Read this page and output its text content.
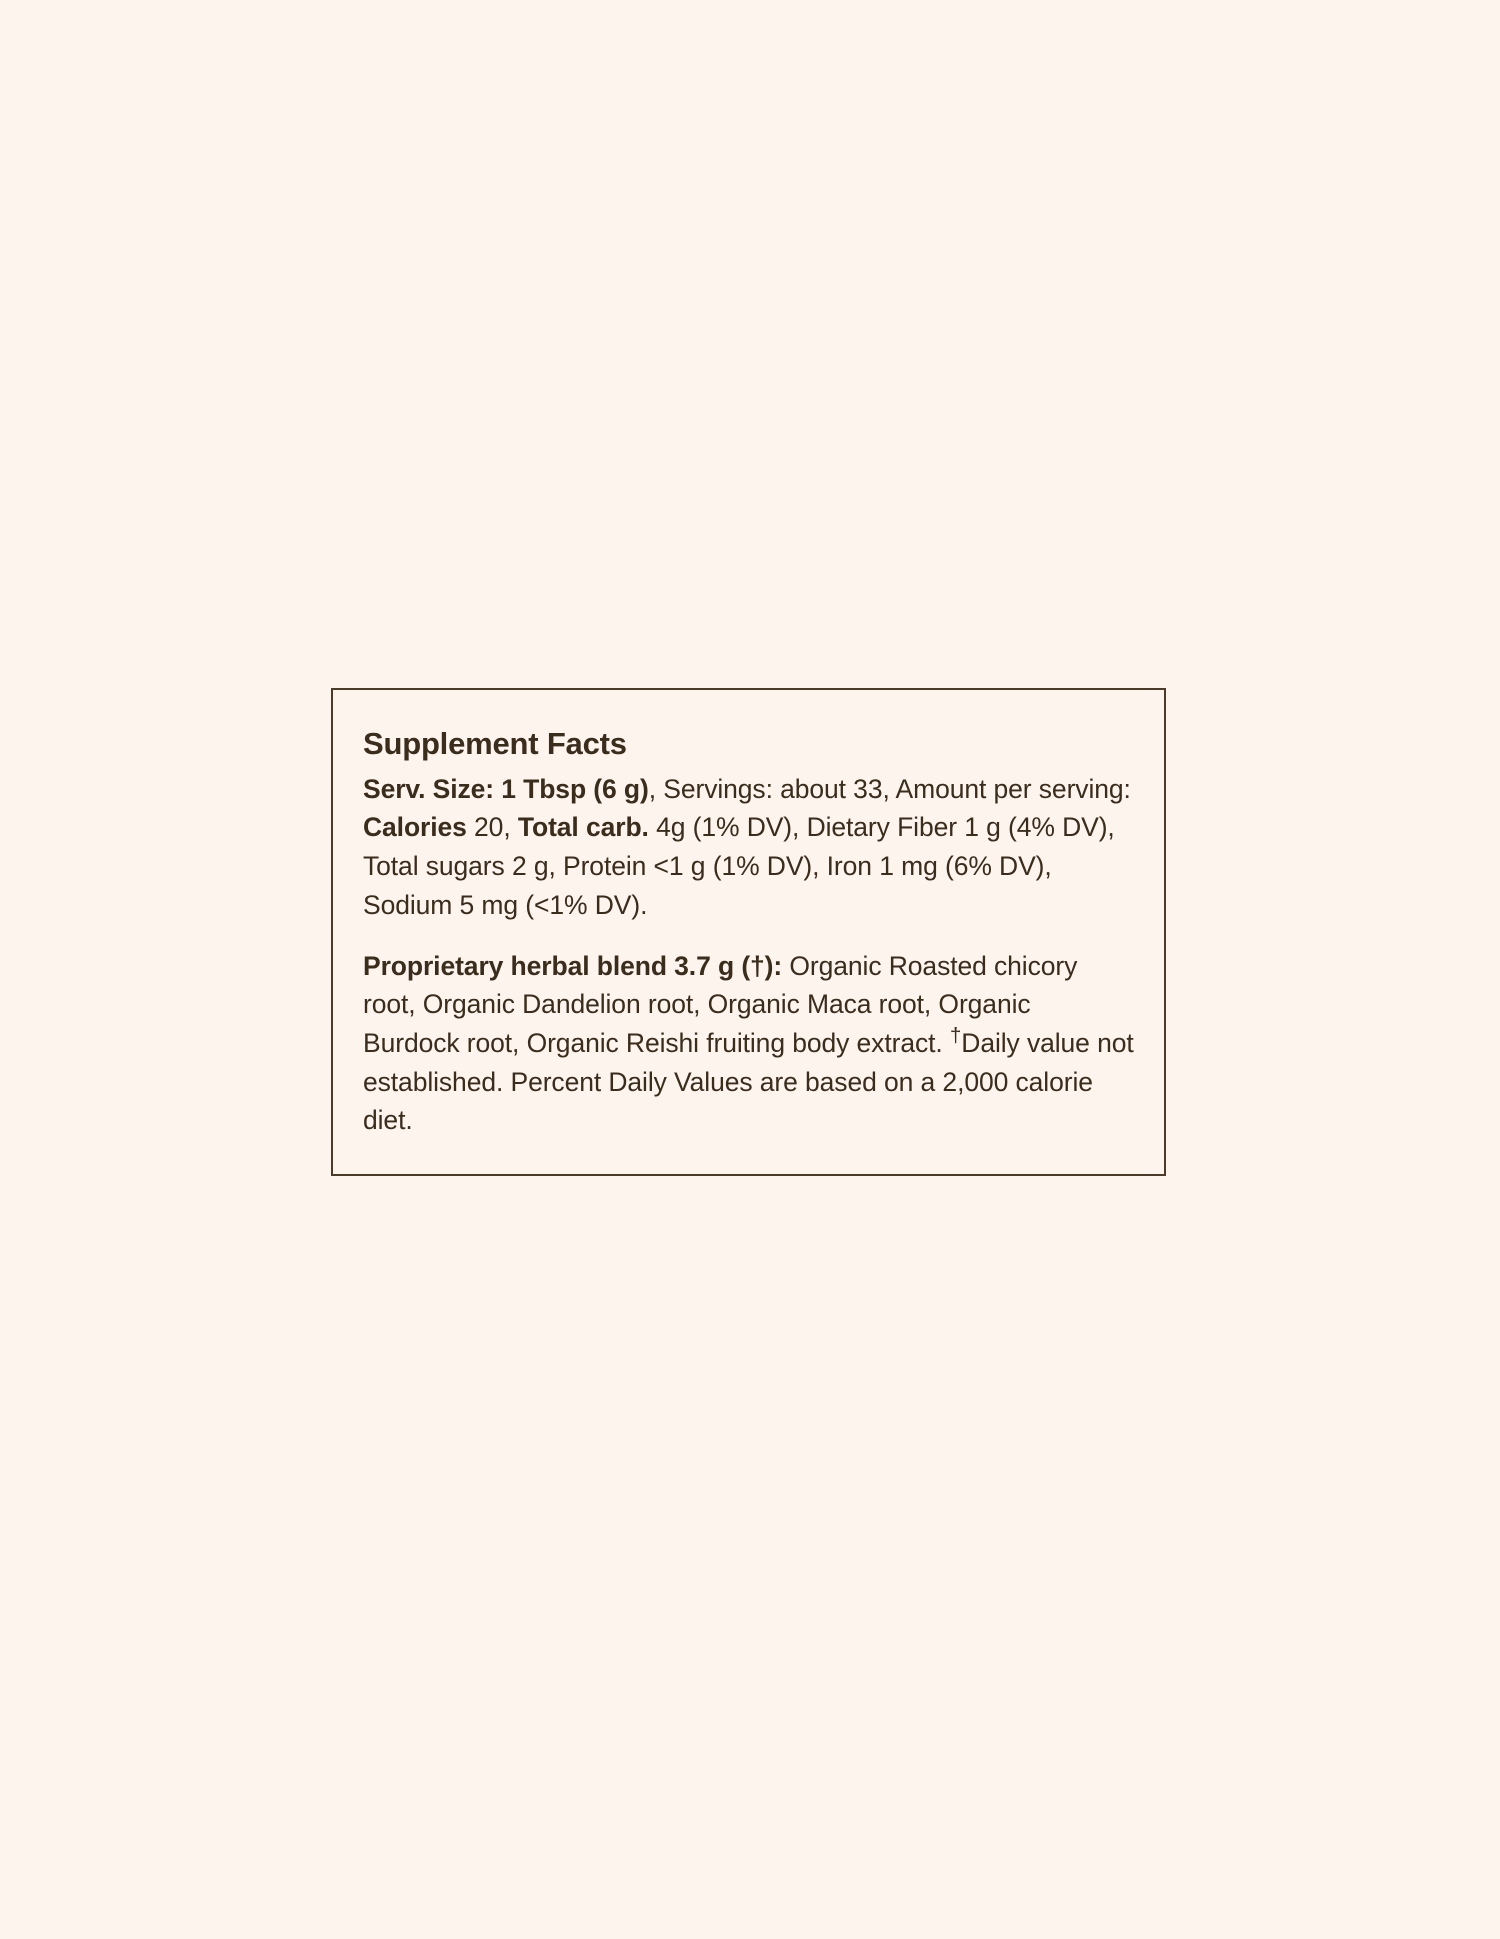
Supplement Facts
Serv. Size: 1 Tbsp (6 g), Servings: about 33, Amount per serving: Calories 20, Total carb. 4g (1% DV), Dietary Fiber 1 g (4% DV), Total sugars 2 g, Protein <1 g (1% DV), Iron 1 mg (6% DV), Sodium 5 mg (<1% DV).
Proprietary herbal blend 3.7 g (†): Organic Roasted chicory root, Organic Dandelion root, Organic Maca root, Organic Burdock root, Organic Reishi fruiting body extract. †Daily value not established. Percent Daily Values are based on a 2,000 calorie diet.
